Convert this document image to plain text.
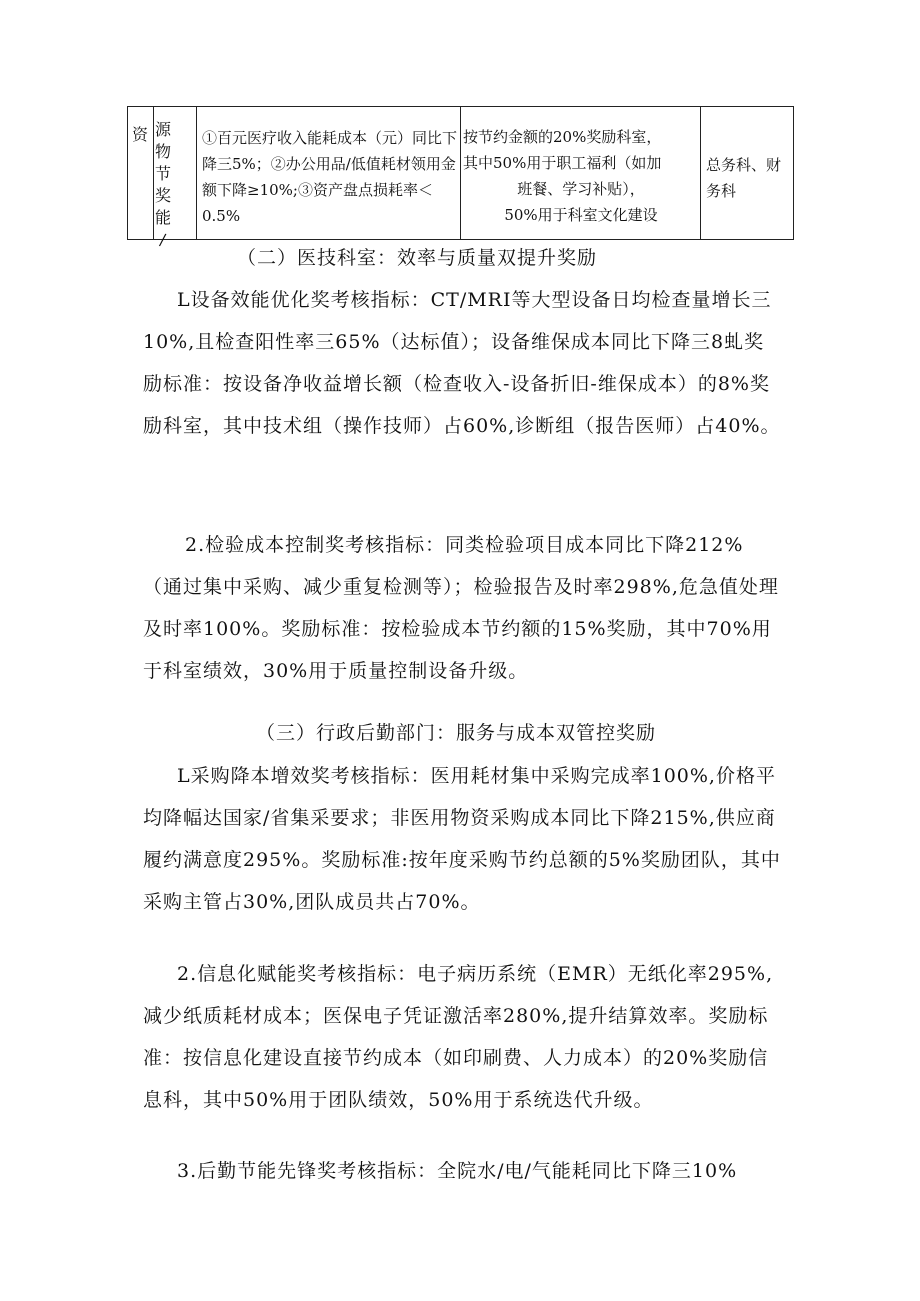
资 源物节奖能
/
①百元医疗收入能耗成本（元）同比下降三5%；②办公用品/低值耗材领用金额下降≥10%;③资产盘点损耗率＜0.5%
按节约金额的20%奖励科室，
其中50%用于职工福利（如加
班餐、学习补贴），
50%用于科室文化建设
总务科、财务科
（二）医技科室：效率与质量双提升奖励
L设备效能优化奖考核指标：CT/MRI等大型设备日均检查量增长三10%,且检查阳性率三65%（达标值）；设备维保成本同比下降三8虬奖励标准：按设备净收益增长额（检查收入-设备折旧-维保成本）的8%奖励科室，其中技术组（操作技师）占60%,诊断组（报告医师）占40%。
2.检验成本控制奖考核指标：同类检验项目成本同比下降212%（通过集中采购、减少重复检测等）；检验报告及时率298%,危急值处理及时率100%。奖励标准：按检验成本节约额的15%奖励，其中70%用于科室绩效，30%用于质量控制设备升级。
（三）行政后勤部门：服务与成本双管控奖励
L采购降本增效奖考核指标：医用耗材集中采购完成率100%,价格平均降幅达国家/省集采要求；非医用物资采购成本同比下降215%,供应商履约满意度295%。奖励标准:按年度采购节约总额的5%奖励团队，其中采购主管占30%,团队成员共占70%。
2.信息化赋能奖考核指标：电子病历系统（EMR）无纸化率295%,减少纸质耗材成本；医保电子凭证激活率280%,提升结算效率。奖励标准：按信息化建设直接节约成本（如印刷费、人力成本）的20%奖励信息科，其中50%用于团队绩效，50%用于系统迭代升级。
3.后勤节能先锋奖考核指标：全院水/电/气能耗同比下降三10%
